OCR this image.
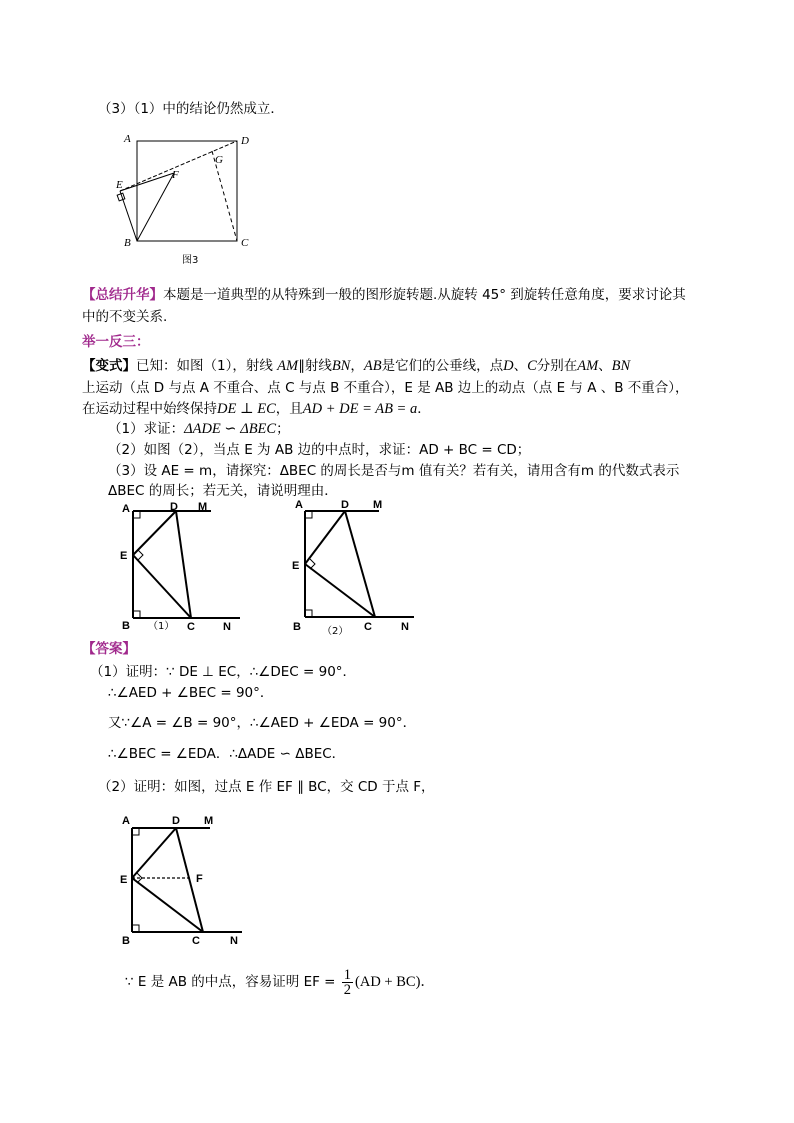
（3）（1）中的结论仍然成立．
A	D
G
F
E
B	C
图3
【总结升华】本题是一道典型的从特殊到一般的图形旋转题.从旋转 45° 到旋转任意角度，要求讨论其
中的不变关系.
举一反三：
【变式】已知：如图（1），射线 AM∥射线BN，AB是它们的公垂线，点D、C分别在AM、BN
上运动（点 D 与点 A 不重合、点 C 与点 B 不重合），E 是 AB 边上的动点（点 E 与 A 、B 不重合），
在运动过程中始终保持DE ⊥ EC，且AD + DE = AB = a．
（1）求证：ΔADE ∽ ΔBEC；
（2）如图（2），当点 E 为 AB 边的中点时，求证：AD + BC = CD；
（3）设 AE = m，请探究：ΔBEC 的周长是否与m 值有关？若有关，请用含有m 的代数式表示
ΔBEC 的周长；若无关，请说明理由．
A	D M
E
B （1） C	N
A	D M
E
B （2） C	N
【答案】
（1）证明：∵ DE ⊥ EC，∴∠DEC = 90°．
∴∠AED + ∠BEC = 90°．
又∵∠A = ∠B = 90°，∴∠AED + ∠EDA = 90°．
∴∠BEC = ∠EDA．∴ΔADE ∽ ΔBEC．
（2）证明：如图，过点 E 作 EF ∥ BC，交 CD 于点 F，
A	D M
E	F
B	C	N
∵ E 是 AB 的中点，容易证明 EF = $\frac{1}{2} (AD + BC)$．
